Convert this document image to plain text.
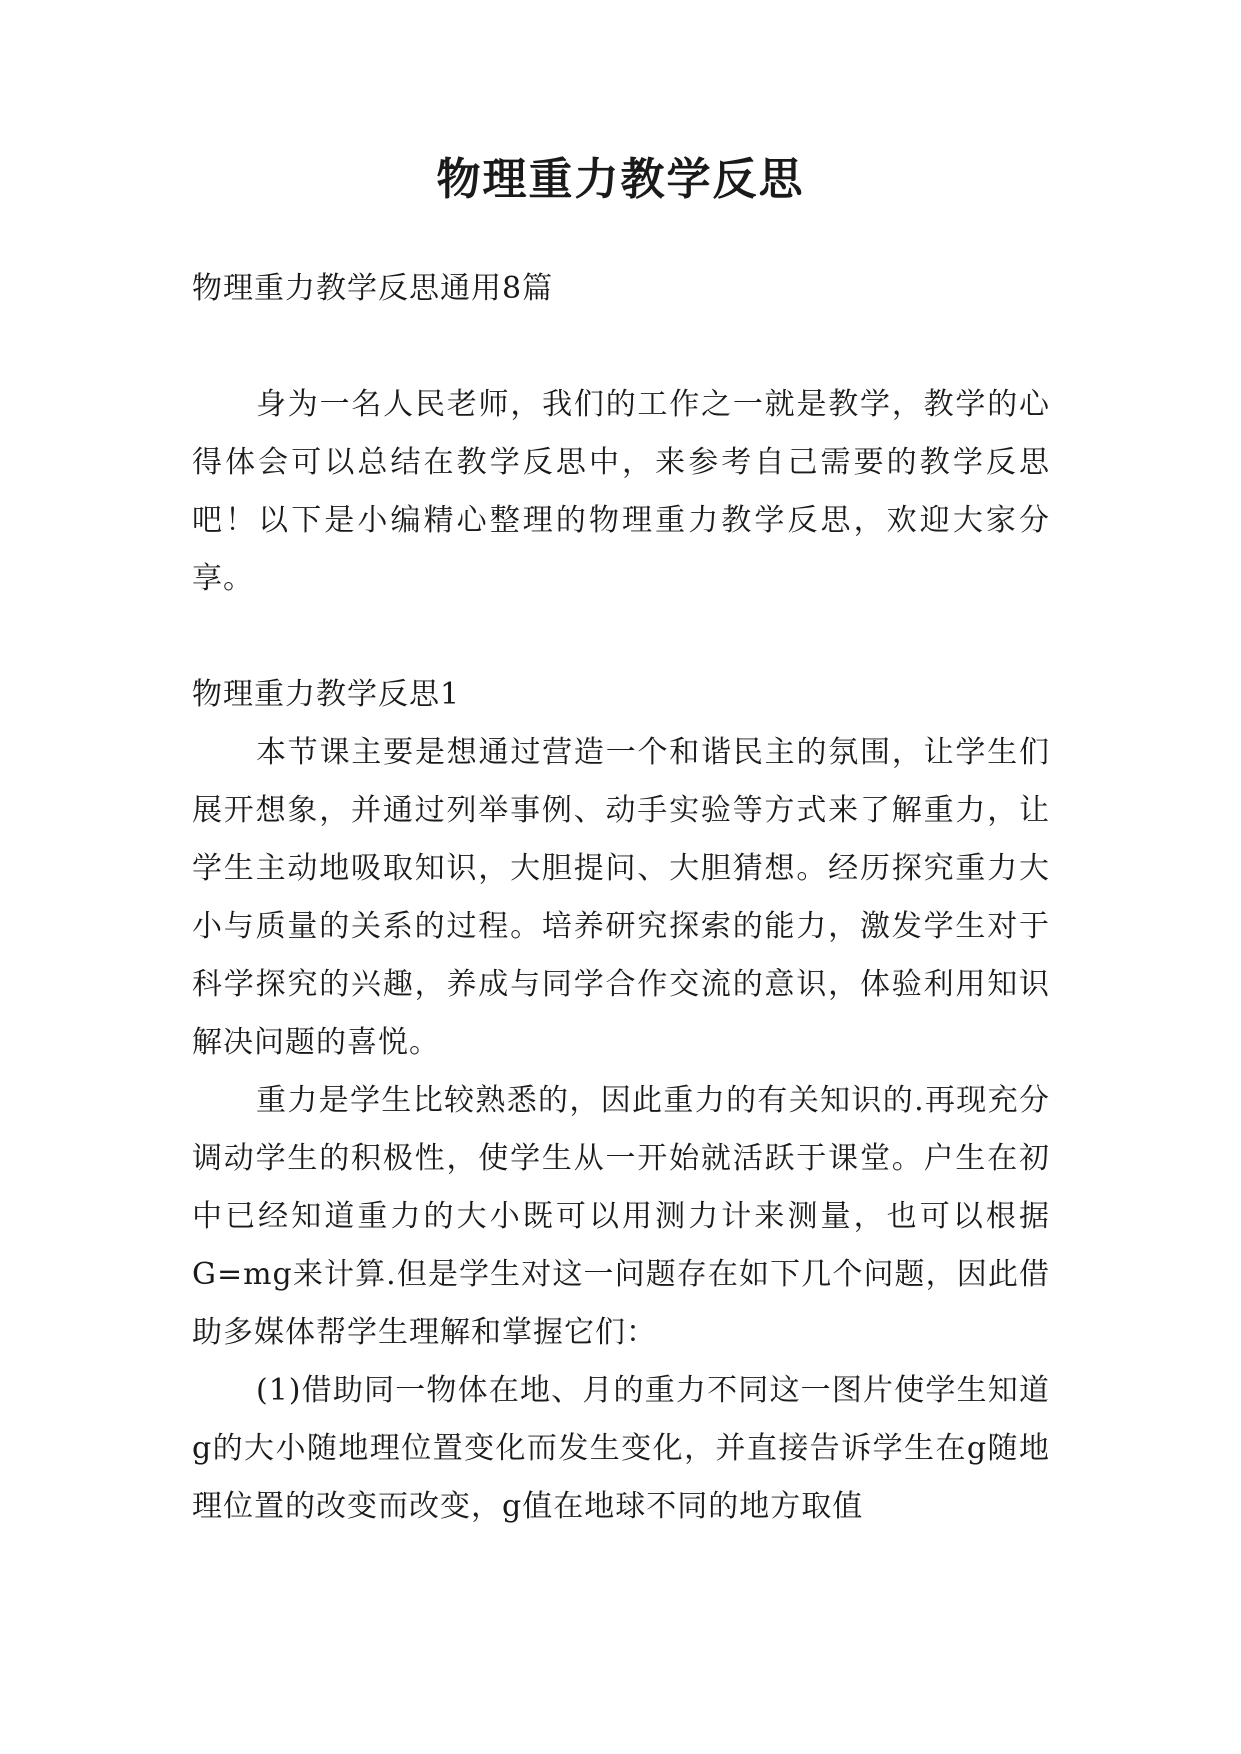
物理重力教学反思

物理重力教学反思通用8篇

身为一名人民老师，我们的工作之一就是教学，教学的心得体会可以总结在教学反思中，来参考自己需要的教学反思吧！以下是小编精心整理的物理重力教学反思，欢迎大家分享。

物理重力教学反思1

本节课主要是想通过营造一个和谐民主的氛围，让学生们展开想象，并通过列举事例、动手实验等方式来了解重力，让学生主动地吸取知识，大胆提问、大胆猜想。经历探究重力大小与质量的关系的过程。培养研究探索的能力，激发学生对于科学探究的兴趣，养成与同学合作交流的意识，体验利用知识解决问题的喜悦。

重力是学生比较熟悉的，因此重力的有关知识的.再现充分调动学生的积极性，使学生从一开始就活跃于课堂。户生在初中已经知道重力的大小既可以用测力计来测量，也可以根据G=mg来计算.但是学生对这一问题存在如下几个问题，因此借助多媒体帮学生理解和掌握它们：

(1)借助同一物体在地、月的重力不同这一图片使学生知道g的大小随地理位置变化而发生变化，并直接告诉学生在g随地理位置的改变而改变，g值在地球不同的地方取值
